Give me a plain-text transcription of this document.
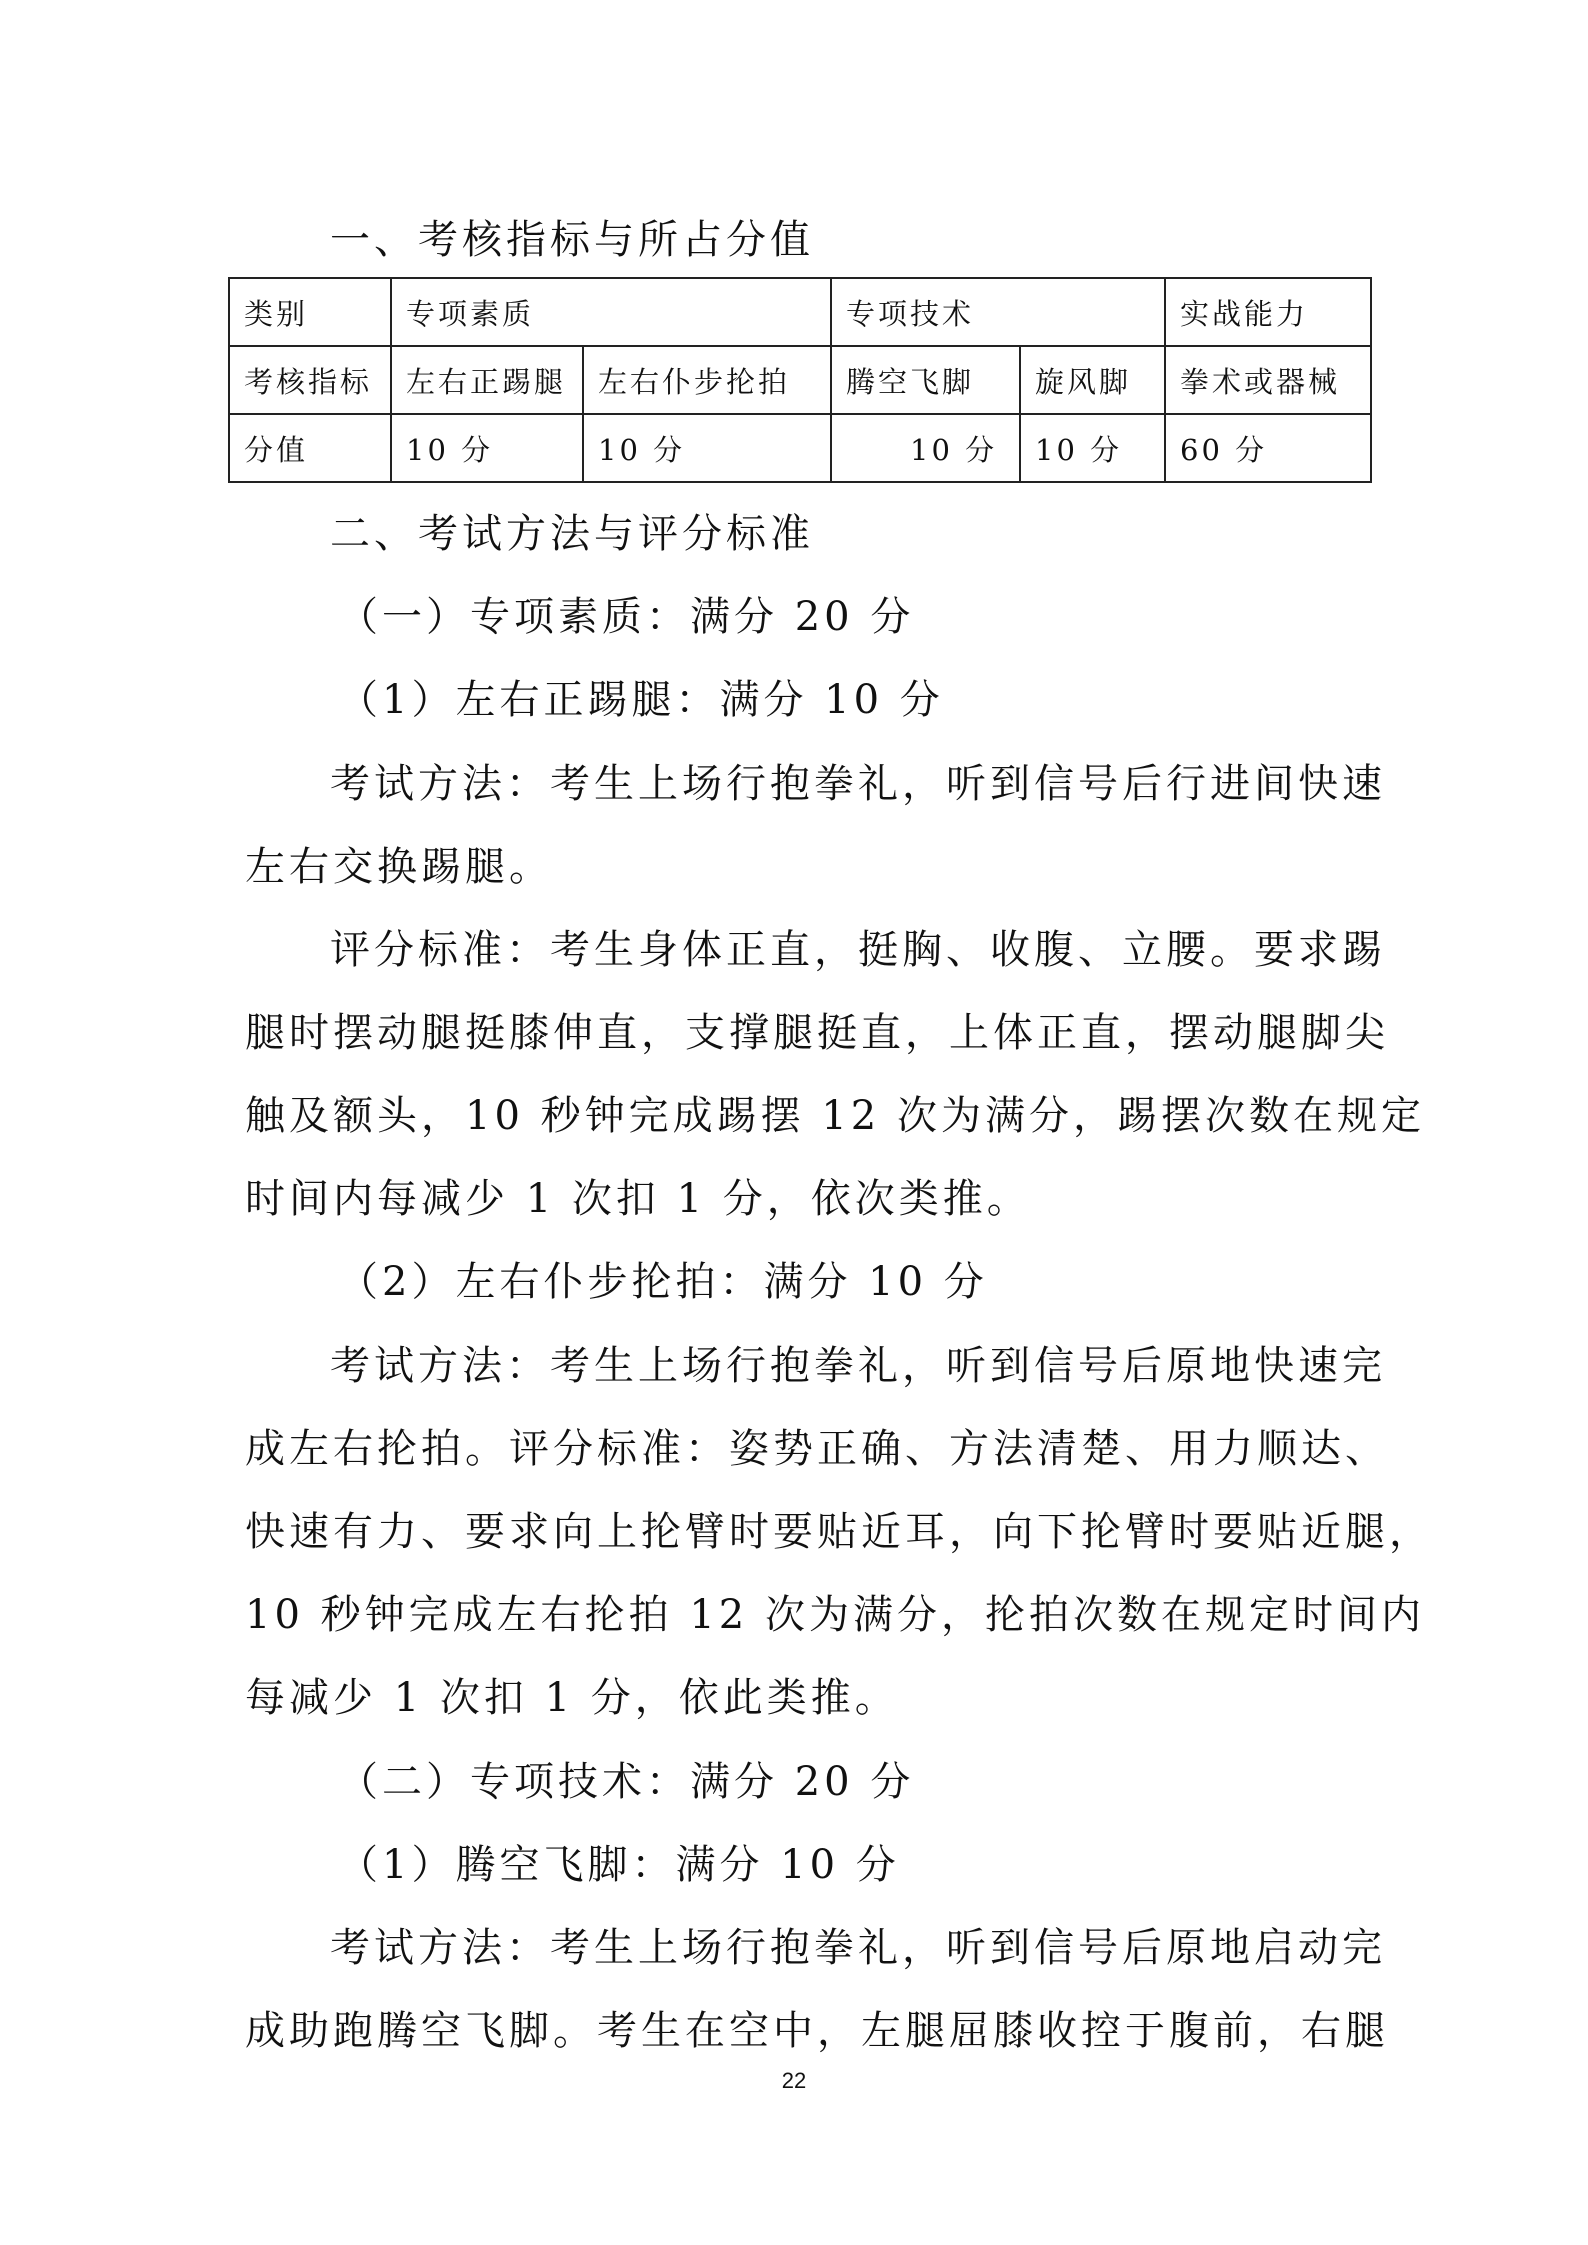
一、考核指标与所占分值
类别	专项素质		专项技术		实战能力
考核指标	左右正踢腿	左右仆步抡拍	腾空飞脚	旋风脚	拳术或器械
分值	10 分	10 分	10 分	10 分	60 分
二、考试方法与评分标准
（一）专项素质：满分 20 分
（1）左右正踢腿：满分 10 分
考试方法：考生上场行抱拳礼，听到信号后行进间快速
左右交换踢腿。
评分标准：考生身体正直，挺胸、收腹、立腰。要求踢
腿时摆动腿挺膝伸直，支撑腿挺直，上体正直，摆动腿脚尖
触及额头，10 秒钟完成踢摆 12 次为满分，踢摆次数在规定
时间内每减少 1 次扣 1 分，依次类推。
（2）左右仆步抡拍：满分 10 分
考试方法：考生上场行抱拳礼，听到信号后原地快速完
成左右抡拍。评分标准：姿势正确、方法清楚、用力顺达、
快速有力、要求向上抡臂时要贴近耳，向下抡臂时要贴近腿，
10 秒钟完成左右抡拍 12 次为满分，抡拍次数在规定时间内
每减少 1 次扣 1 分，依此类推。
（二）专项技术：满分 20 分
（1）腾空飞脚：满分 10 分
考试方法：考生上场行抱拳礼，听到信号后原地启动完
成助跑腾空飞脚。考生在空中，左腿屈膝收控于腹前，右腿
22
